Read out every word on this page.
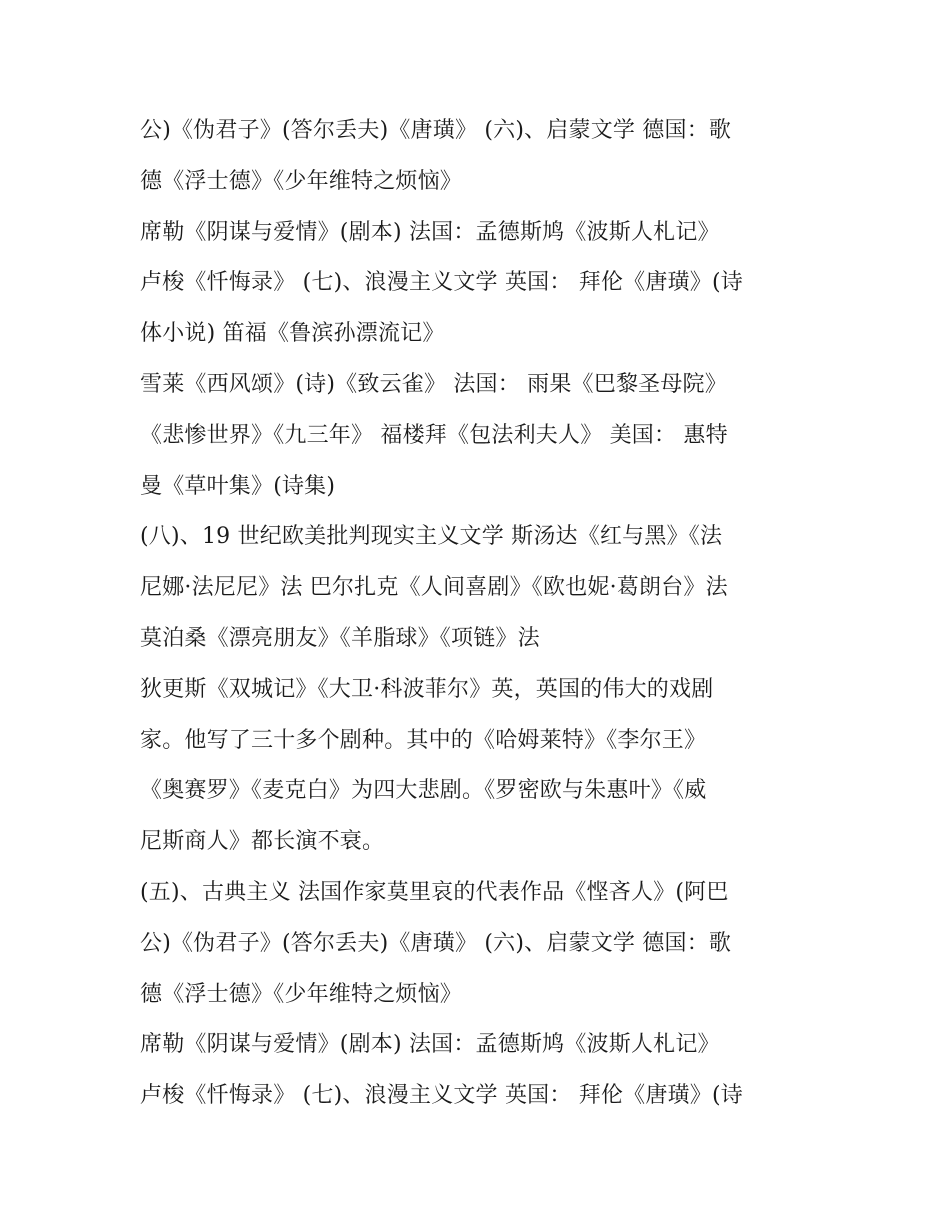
公)《伪君子》(答尔丢夫)《唐璜》 (六)、启蒙文学 德国：歌
德《浮士德》《少年维特之烦恼》
席勒《阴谋与爱情》(剧本) 法国：孟德斯鸠《波斯人札记》
卢梭《忏悔录》 (七)、浪漫主义文学 英国： 拜伦《唐璜》(诗
体小说) 笛福《鲁滨孙漂流记》
雪莱《西风颂》(诗)《致云雀》 法国： 雨果《巴黎圣母院》
《悲惨世界》《九三年》 福楼拜《包法利夫人》 美国： 惠特
曼《草叶集》(诗集)
(八)、19 世纪欧美批判现实主义文学 斯汤达《红与黑》《法
尼娜·法尼尼》法 巴尔扎克《人间喜剧》《欧也妮·葛朗台》法
莫泊桑《漂亮朋友》《羊脂球》《项链》法
狄更斯《双城记》《大卫·科波菲尔》英，英国的伟大的戏剧
家。他写了三十多个剧种。其中的《哈姆莱特》《李尔王》
《奥赛罗》《麦克白》为四大悲剧。《罗密欧与朱惠叶》《威
尼斯商人》都长演不衰。
(五)、古典主义 法国作家莫里哀的代表作品《悭吝人》(阿巴
公)《伪君子》(答尔丢夫)《唐璜》 (六)、启蒙文学 德国：歌
德《浮士德》《少年维特之烦恼》
席勒《阴谋与爱情》(剧本) 法国：孟德斯鸠《波斯人札记》
卢梭《忏悔录》 (七)、浪漫主义文学 英国： 拜伦《唐璜》(诗
